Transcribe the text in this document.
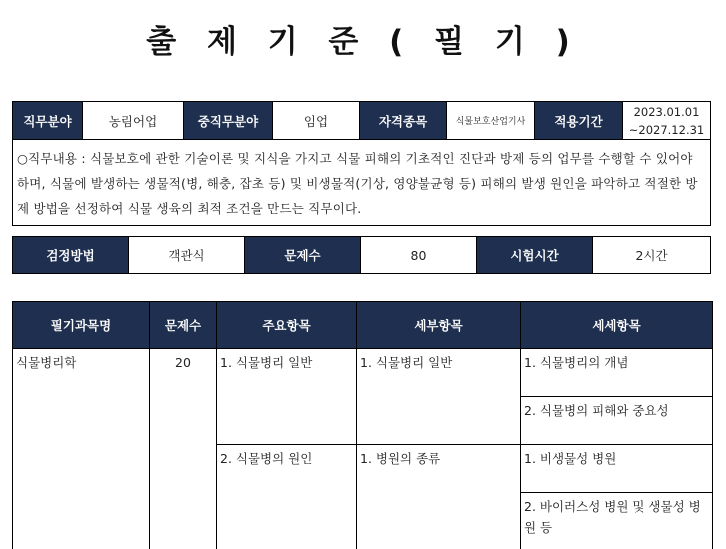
출 제 기 준 ( 필 기 )
직무분야	농림어업	중직무분야	임업	자격종목	식물보호산업기사	적용기간	
2023.01.01
~2027.12.31

○직무내용 : 식물보호에 관한 기술이론 및 지식을 가지고 식물 피해의 기초적인 진단과 방제 등의 업무를 수행할 수 있어야 하며, 식물에 발생하는 생물적(병, 해충, 잡초 등) 및 비생물적(기상, 영양불균형 등) 피해의 발생 원인을 파악하고 적절한 방제 방법을 선정하여 식물 생육의 최적 조건을 만드는 직무이다.
검정방법	객관식	문제수	80	시험시간	2시간
필기과목명	문제수	주요항목	세부항목	세세항목
식물병리학	20	1. 식물병리 일반	1. 식물병리 일반	1. 식물병리의 개념
				2. 식물병의 피해와 중요성
		2. 식물병의 원인	1. 병원의 종류	1. 비생물성 병원
				2. 바이러스성 병원 및 생물성 병원 등
